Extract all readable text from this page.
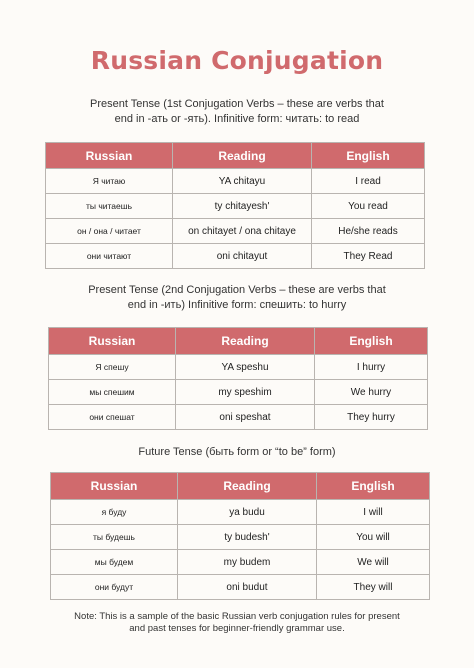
Russian Conjugation
Present Tense (1st Conjugation Verbs – these are verbs that
end in -ать or -ять). Infinitive form: читать: to read
Russian	Reading	English
Я читаю	YA chitayu	I read
ты читаешь	ty chitayesh'	You read
он / она / читает	on chitayet / ona chitaye	He/she reads
они читают	oni chitayut	They Read
Present Tense (2nd Conjugation Verbs – these are verbs that
end in -ить) Infinitive form: спешить: to hurry
Russian	Reading	English
Я спешу	YA speshu	I hurry
мы спешим	my speshim	We hurry
они спешат	oni speshat	They hurry
Future Tense (быть form or “to be” form)
Russian	Reading	English
я буду	ya budu	I will
ты будешь	ty budesh'	You will
мы будем	my budem	We will
они будут	oni budut	They will
Note: This is a sample of the basic Russian verb conjugation rules for present
and past tenses for beginner-friendly grammar use.
